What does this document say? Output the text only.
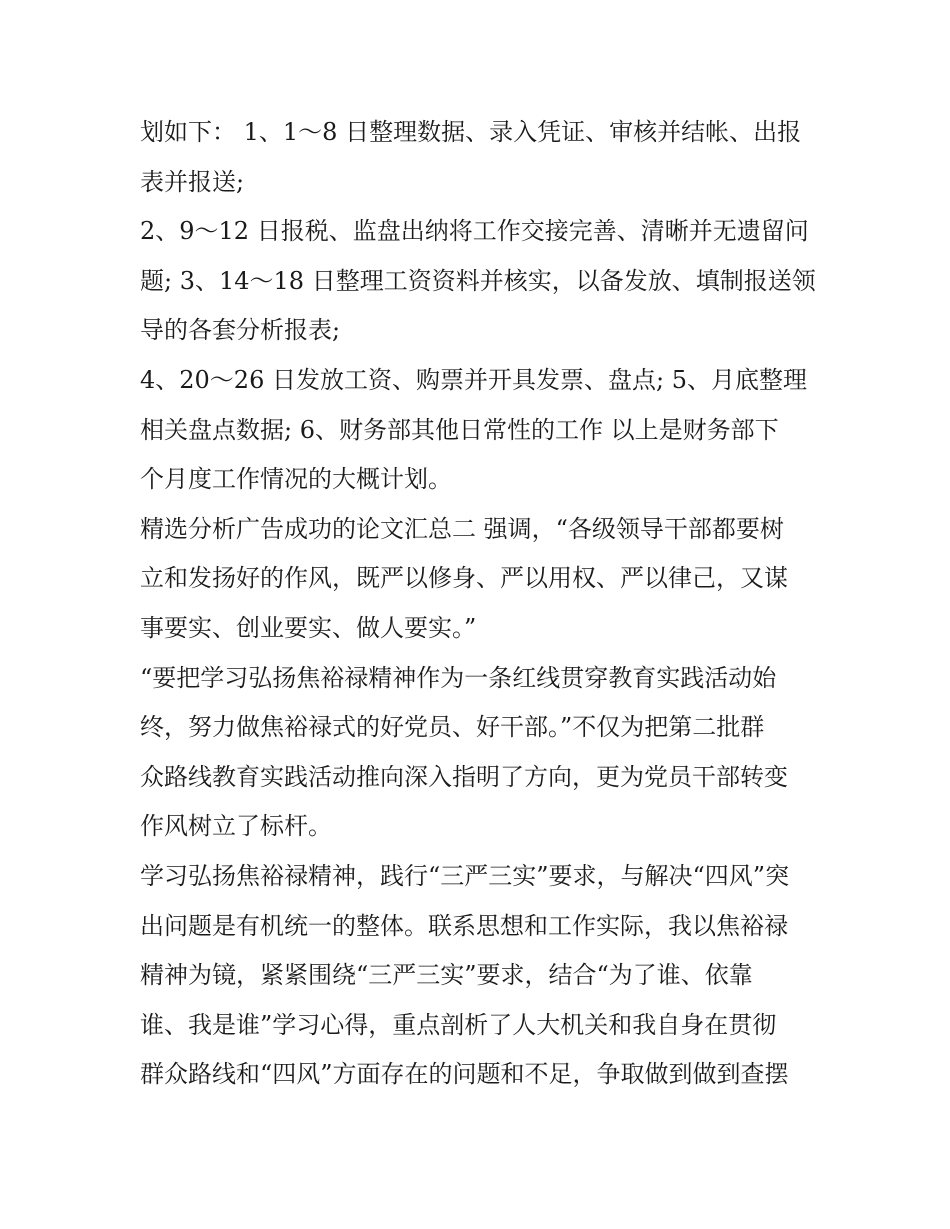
划如下： 1、1～8 日整理数据、录入凭证、审核并结帐、出报
表并报送;
2、9～12 日报税、监盘出纳将工作交接完善、清晰并无遗留问
题; 3、14～18 日整理工资资料并核实，以备发放、填制报送领
导的各套分析报表;
4、20～26 日发放工资、购票并开具发票、盘点; 5、月底整理
相关盘点数据; 6、财务部其他日常性的工作 以上是财务部下
个月度工作情况的大概计划。
精选分析广告成功的论文汇总二 强调，“各级领导干部都要树
立和发扬好的作风，既严以修身、严以用权、严以律己，又谋
事要实、创业要实、做人要实。”
“要把学习弘扬焦裕禄精神作为一条红线贯穿教育实践活动始
终，努力做焦裕禄式的好党员、好干部。”不仅为把第二批群
众路线教育实践活动推向深入指明了方向，更为党员干部转变
作风树立了标杆。
学习弘扬焦裕禄精神，践行“三严三实”要求，与解决“四风”突
出问题是有机统一的整体。联系思想和工作实际，我以焦裕禄
精神为镜，紧紧围绕“三严三实”要求，结合“为了谁、依靠
谁、我是谁”学习心得，重点剖析了人大机关和我自身在贯彻
群众路线和“四风”方面存在的问题和不足，争取做到做到查摆
